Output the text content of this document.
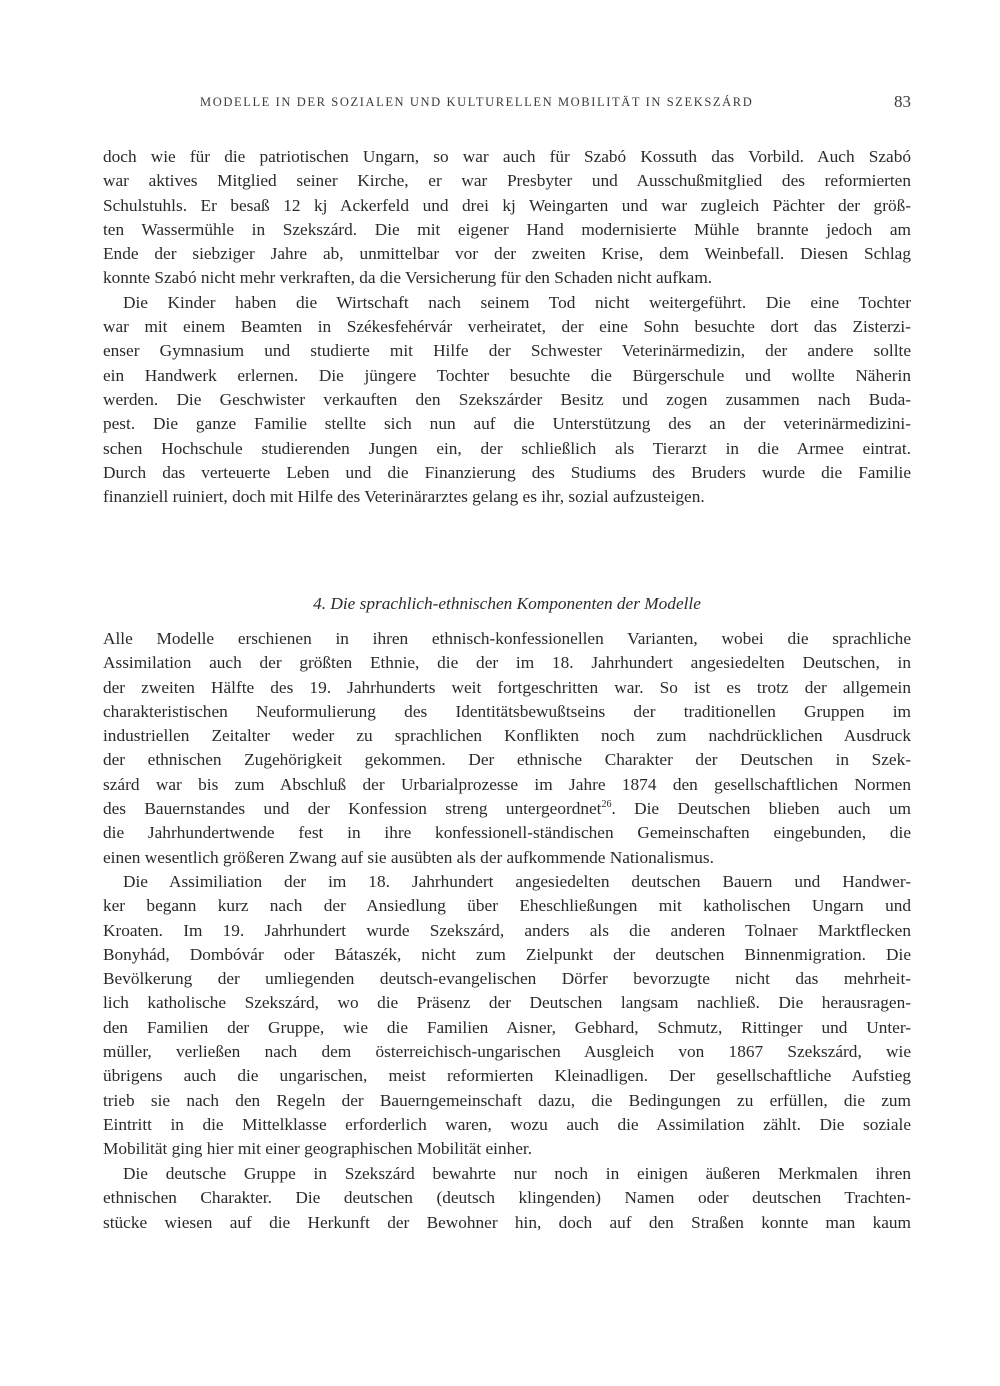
MODELLE IN DER SOZIALEN UND KULTURELLEN MOBILITÄT IN SZEKSZÁRD	83
doch wie für die patriotischen Ungarn, so war auch für Szabó Kossuth das Vorbild. Auch Szabó
war aktives Mitglied seiner Kirche, er war Presbyter und Ausschußmitglied des reformierten
Schulstuhls. Er besaß 12 kj Ackerfeld und drei kj Weingarten und war zugleich Pächter der größ-
ten Wassermühle in Szekszárd. Die mit eigener Hand modernisierte Mühle brannte jedoch am
Ende der siebziger Jahre ab, unmittelbar vor der zweiten Krise, dem Weinbefall. Diesen Schlag
konnte Szabó nicht mehr verkraften, da die Versicherung für den Schaden nicht aufkam.
Die Kinder haben die Wirtschaft nach seinem Tod nicht weitergeführt. Die eine Tochter
war mit einem Beamten in Székesfehérvár verheiratet, der eine Sohn besuchte dort das Zisterzi-
enser Gymnasium und studierte mit Hilfe der Schwester Veterinärmedizin, der andere sollte
ein Handwerk erlernen. Die jüngere Tochter besuchte die Bürgerschule und wollte Näherin
werden. Die Geschwister verkauften den Szekszárder Besitz und zogen zusammen nach Buda-
pest. Die ganze Familie stellte sich nun auf die Unterstützung des an der veterinärmedizini-
schen Hochschule studierenden Jungen ein, der schließlich als Tierarzt in die Armee eintrat.
Durch das verteuerte Leben und die Finanzierung des Studiums des Bruders wurde die Familie
finanziell ruiniert, doch mit Hilfe des Veterinärarztes gelang es ihr, sozial aufzusteigen.
4. Die sprachlich-ethnischen Komponenten der Modelle
Alle Modelle erschienen in ihren ethnisch-konfessionellen Varianten, wobei die sprachliche
Assimilation auch der größten Ethnie, die der im 18. Jahrhundert angesiedelten Deutschen, in
der zweiten Hälfte des 19. Jahrhunderts weit fortgeschritten war. So ist es trotz der allgemein
charakteristischen Neuformulierung des Identitätsbewußtseins der traditionellen Gruppen im
industriellen Zeitalter weder zu sprachlichen Konflikten noch zum nachdrücklichen Ausdruck
der ethnischen Zugehörigkeit gekommen. Der ethnische Charakter der Deutschen in Szek-
szárd war bis zum Abschluß der Urbarialprozesse im Jahre 1874 den gesellschaftlichen Normen
des Bauernstandes und der Konfession streng untergeordnet$^{26}$. Die Deutschen blieben auch um
die Jahrhundertwende fest in ihre konfessionell-ständischen Gemeinschaften eingebunden, die
einen wesentlich größeren Zwang auf sie ausübten als der aufkommende Nationalismus.
Die Assimiliation der im 18. Jahrhundert angesiedelten deutschen Bauern und Handwer-
ker begann kurz nach der Ansiedlung über Eheschließungen mit katholischen Ungarn und
Kroaten. Im 19. Jahrhundert wurde Szekszárd, anders als die anderen Tolnaer Marktflecken
Bonyhád, Dombóvár oder Bátaszék, nicht zum Zielpunkt der deutschen Binnenmigration. Die
Bevölkerung der umliegenden deutsch-evangelischen Dörfer bevorzugte nicht das mehrheit-
lich katholische Szekszárd, wo die Präsenz der Deutschen langsam nachließ. Die herausragen-
den Familien der Gruppe, wie die Familien Aisner, Gebhard, Schmutz, Rittinger und Unter-
müller, verließen nach dem österreichisch-ungarischen Ausgleich von 1867 Szekszárd, wie
übrigens auch die ungarischen, meist reformierten Kleinadligen. Der gesellschaftliche Aufstieg
trieb sie nach den Regeln der Bauerngemeinschaft dazu, die Bedingungen zu erfüllen, die zum
Eintritt in die Mittelklasse erforderlich waren, wozu auch die Assimilation zählt. Die soziale
Mobilität ging hier mit einer geographischen Mobilität einher.
Die deutsche Gruppe in Szekszárd bewahrte nur noch in einigen äußeren Merkmalen ihren
ethnischen Charakter. Die deutschen (deutsch klingenden) Namen oder deutschen Trachten-
stücke wiesen auf die Herkunft der Bewohner hin, doch auf den Straßen konnte man kaum
